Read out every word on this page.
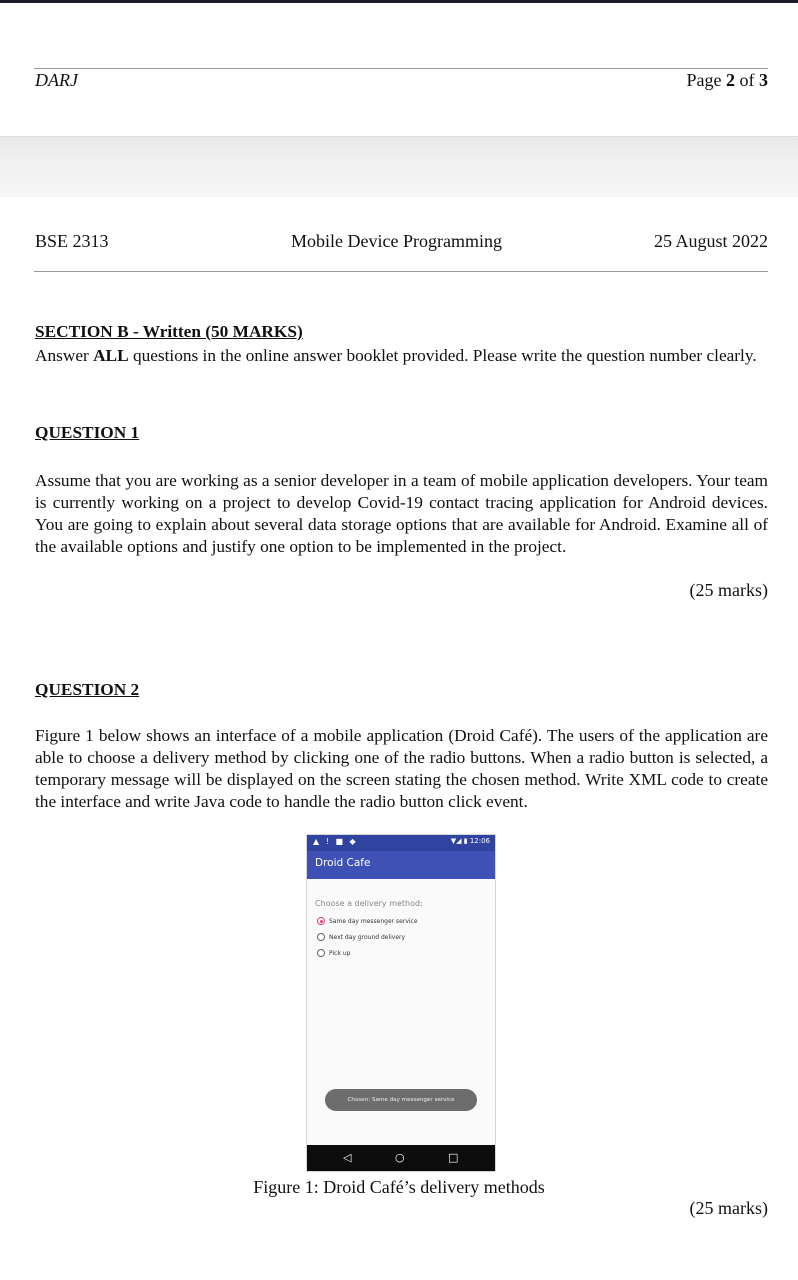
DARJ	Page 2 of 3
BSE 2313	Mobile Device Programming	25 August 2022
SECTION B - Written (50 MARKS)
Answer ALL questions in the online answer booklet provided. Please write the question number clearly.
QUESTION 1
Assume that you are working as a senior developer in a team of mobile application developers. Your team is currently working on a project to develop Covid-19 contact tracing application for Android devices. You are going to explain about several data storage options that are available for Android. Examine all of the available options and justify one option to be implemented in the project.
(25 marks)
QUESTION 2
Figure 1 below shows an interface of a mobile application (Droid Café). The users of the application are able to choose a delivery method by clicking one of the radio buttons. When a radio button is selected, a temporary message will be displayed on the screen stating the chosen method. Write XML code to create the interface and write Java code to handle the radio button click event.
▲ ! ■ ◆	▼◢ ▮ 12:06
Droid Cafe
Choose a delivery method:
Same day messenger service
Next day ground delivery
Pick up
Chosen: Same day messenger service
◁	○	□
Figure 1: Droid Café’s delivery methods
(25 marks)
